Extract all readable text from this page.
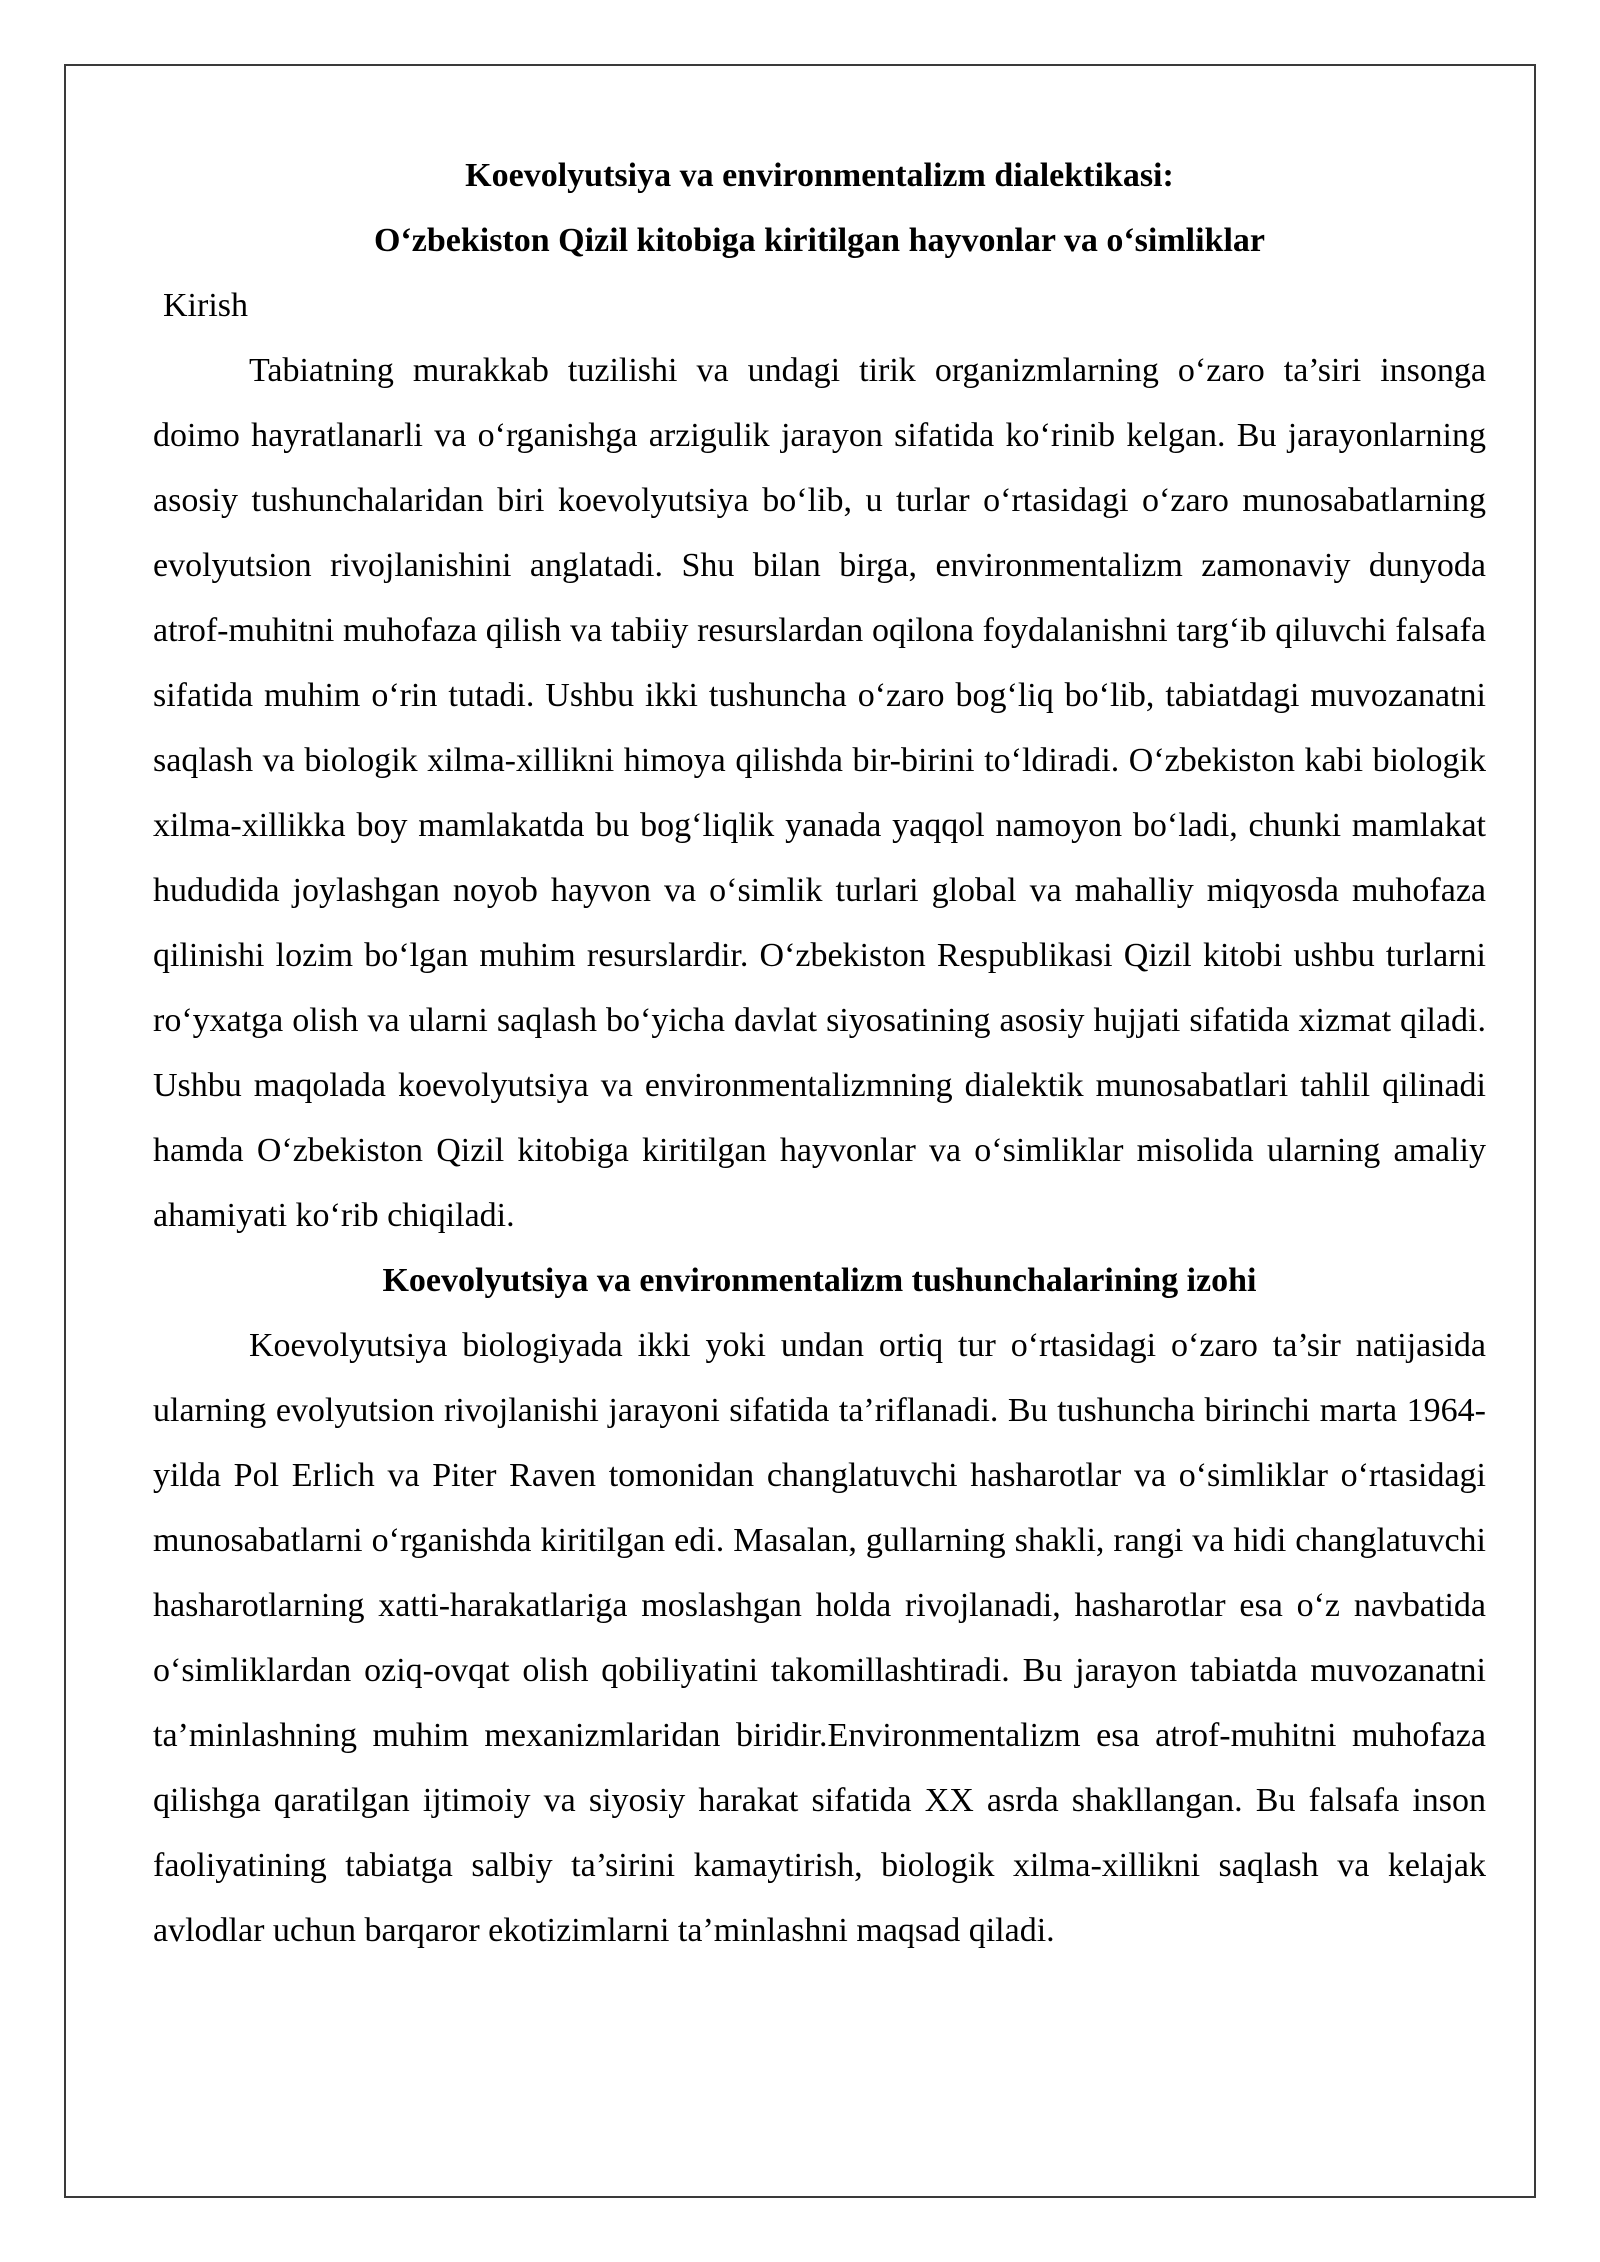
Koevolyutsiya va environmentalizm dialektikasi:

O‘zbekiston Qizil kitobiga kiritilgan hayvonlar va o‘simliklar

Kirish

Tabiatning murakkab tuzilishi va undagi tirik organizmlarning o‘zaro ta’siri insonga doimo hayratlanarli va o‘rganishga arzigulik jarayon sifatida ko‘rinib kelgan. Bu jarayonlarning asosiy tushunchalaridan biri koevolyutsiya bo‘lib, u turlar o‘rtasidagi o‘zaro munosabatlarning evolyutsion rivojlanishini anglatadi. Shu bilan birga, environmentalizm zamonaviy dunyoda atrof-muhitni muhofaza qilish va tabiiy resurslardan oqilona foydalanishni targ‘ib qiluvchi falsafa sifatida muhim o‘rin tutadi. Ushbu ikki tushuncha o‘zaro bog‘liq bo‘lib, tabiatdagi muvozanatni saqlash va biologik xilma-xillikni himoya qilishda bir-birini to‘ldiradi. O‘zbekiston kabi biologik xilma-xillikka boy mamlakatda bu bog‘liqlik yanada yaqqol namoyon bo‘ladi, chunki mamlakat hududida joylashgan noyob hayvon va o‘simlik turlari global va mahalliy miqyosda muhofaza qilinishi lozim bo‘lgan muhim resurslardir. O‘zbekiston Respublikasi Qizil kitobi ushbu turlarni ro‘yxatga olish va ularni saqlash bo‘yicha davlat siyosatining asosiy hujjati sifatida xizmat qiladi. Ushbu maqolada koevolyutsiya va environmentalizmning dialektik munosabatlari tahlil qilinadi hamda O‘zbekiston Qizil kitobiga kiritilgan hayvonlar va o‘simliklar misolida ularning amaliy ahamiyati ko‘rib chiqiladi.

Koevolyutsiya va environmentalizm tushunchalarining izohi

Koevolyutsiya biologiyada ikki yoki undan ortiq tur o‘rtasidagi o‘zaro ta’sir natijasida ularning evolyutsion rivojlanishi jarayoni sifatida ta’riflanadi. Bu tushuncha birinchi marta 1964-yilda Pol Erlich va Piter Raven tomonidan changlatuvchi hasharotlar va o‘simliklar o‘rtasidagi munosabatlarni o‘rganishda kiritilgan edi. Masalan, gullarning shakli, rangi va hidi changlatuvchi hasharotlarning xatti-harakatlariga moslashgan holda rivojlanadi, hasharotlar esa o‘z navbatida o‘simliklardan oziq-ovqat olish qobiliyatini takomillashtiradi. Bu jarayon tabiatda muvozanatni ta’minlashning muhim mexanizmlaridan biridir.Environmentalizm esa atrof-muhitni muhofaza qilishga qaratilgan ijtimoiy va siyosiy harakat sifatida XX asrda shakllangan. Bu falsafa inson faoliyatining tabiatga salbiy ta’sirini kamaytirish, biologik xilma-xillikni saqlash va kelajak avlodlar uchun barqaror ekotizimlarni ta’minlashni maqsad qiladi.
